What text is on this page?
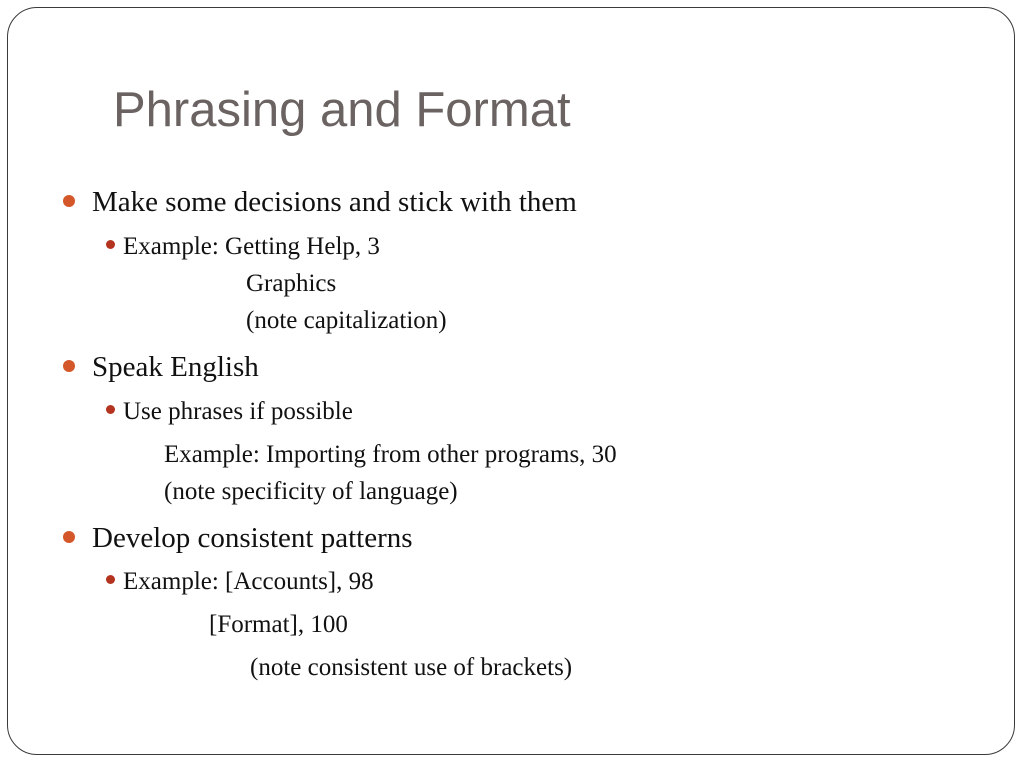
Phrasing and Format
Make some decisions and stick with them
Example: Getting Help, 3
Graphics
(note capitalization)
Speak English
Use phrases if possible
Example: Importing from other programs, 30
(note specificity of language)
Develop consistent patterns
Example: [Accounts], 98
[Format], 100
(note consistent use of brackets)
